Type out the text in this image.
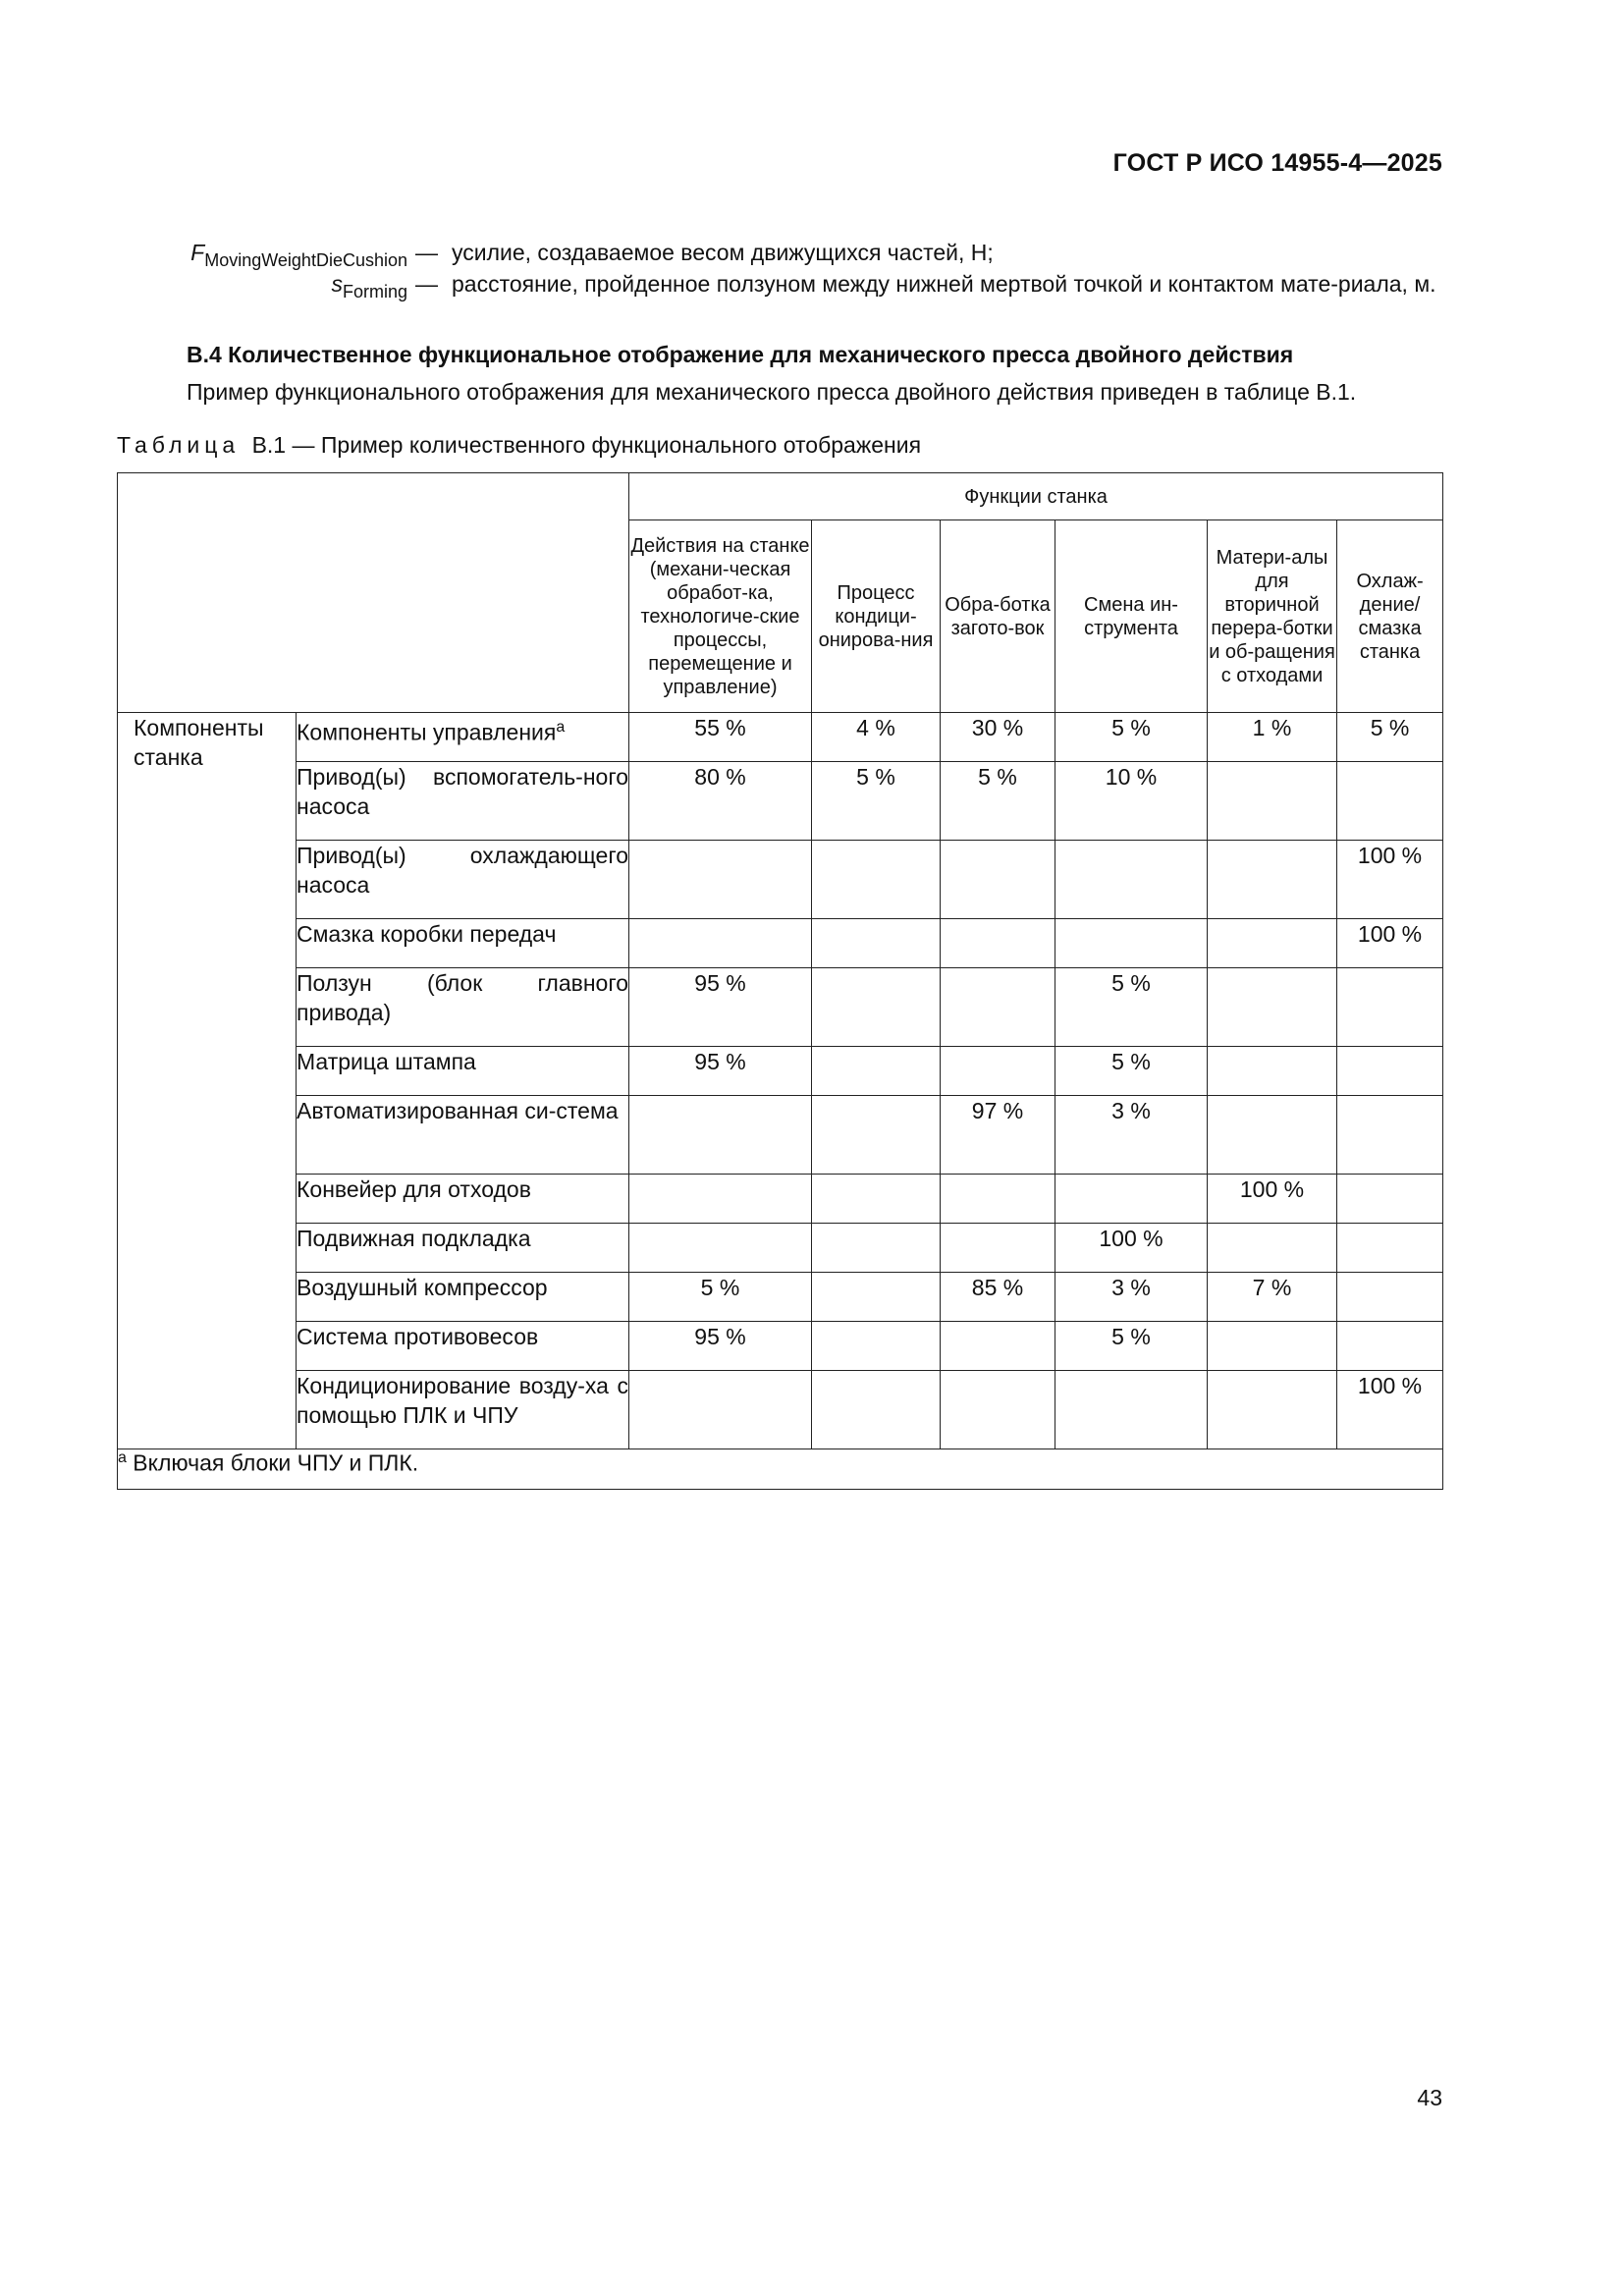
ГОСТ Р ИСО 14955-4—2025
$F_{MovingWeightDieCushion}$ — усилие, создаваемое весом движущихся частей, Н;
$s_{Forming}$ — расстояние, пройденное ползуном между нижней мертвой точкой и контактом мате-риала, м.
B.4 Количественное функциональное отображение для механического пресса двойного действия
Пример функционального отображения для механического пресса двойного действия приведен в таблице B.1.
Таблица B.1 — Пример количественного функционального отображения
		Функции станка					
		Действия на станке (механи-ческая обработ-ка, технологиче-ские процессы, перемещение и управление)	Процесс кондици-онирова-ния	Обра-ботка загото-вок	Смена ин-струмента	Матери-алы для вторичной перера-ботки и об-ращения с отходами	Охлаж-дение/ смазка станка
Компоненты станка	Компоненты управления$^a$	55 %	4 %	30 %	5 %	1 %	5 %
	Привод(ы) вспомогатель-ного насоса	80 %	5 %	5 %	10 %		
	Привод(ы) охлаждающего насоса						100 %
	Смазка коробки передач						100 %
	Ползун (блок главного привода)	95 %			5 %		
	Матрица штампа	95 %			5 %		
	Автоматизированная си-стема			97 %	3 %		
	Конвейер для отходов					100 %	
	Подвижная подкладка				100 %		
	Воздушный компрессор	5 %		85 %	3 %	7 %	
	Система противовесов	95 %			5 %		
	Кондиционирование возду-ха с помощью ПЛК и ЧПУ						100 %
$^a$ Включая блоки ЧПУ и ПЛК.							
43
